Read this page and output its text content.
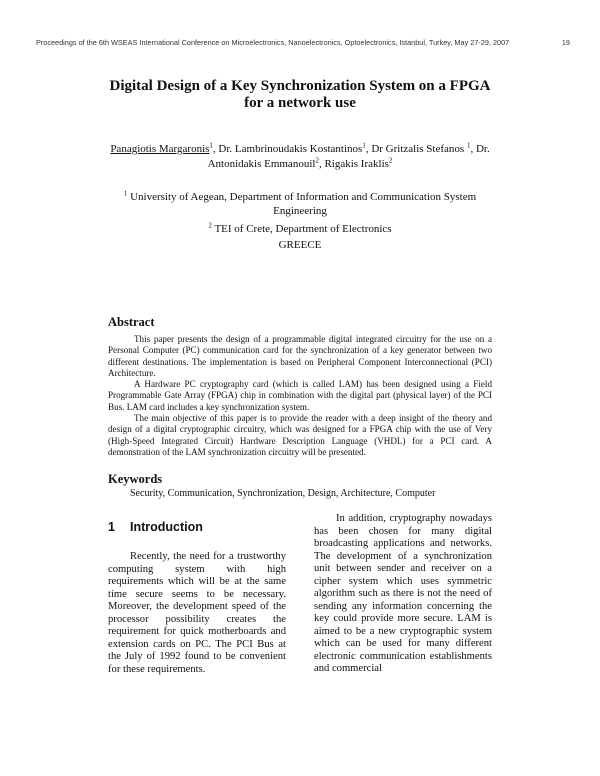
Proceedings of the 6th WSEAS International Conference on Microelectronics, Nanoelectronics, Optoelectronics, Istanbul, Turkey, May 27-29, 2007	19
Digital Design of a Key Synchronization System on a FPGA
for a network use
Panagiotis Margaronis$^1$, Dr. Lambrinoudakis Kostantinos$^1$, Dr Gritzalis Stefanos $^1$, Dr.
Antonidakis Emmanouil$^2$, Rigakis Iraklis$^2$
$^1$ University of Aegean, Department of Information and Communication System
Engineering
$^2$ TEI of Crete, Department of Electronics
GREECE
Abstract

This paper presents the design of a programmable digital integrated circuitry for the use on a Personal Computer (PC) communication card for the synchronization of a key generator between two different destinations. The implementation is based on Peripheral Component Interconnectional (PCI) Architecture.

A Hardware PC cryptography card (which is called LAM) has been designed using a Field Programmable Gate Array (FPGA) chip in combination with the digital part (physical layer) of the PCI Bus. LAM card includes a key synchronization system.

The main objective of this paper is to provide the reader with a deep insight of the theory and design of a digital cryptographic circuitry, which was designed for a FPGA chip with the use of Very (High-Speed Integrated Circuit) Hardware Description Language (VHDL) for a PCI card. A demonstration of the LAM synchronization circuitry will be presented.

Keywords
Security, Communication, Synchronization, Design, Architecture, Computer
1 Introduction

Recently, the need for a trustworthy computing system with high requirements which will be at the same time secure seems to be necessary. Moreover, the development speed of the processor possibility creates the requirement for quick motherboards and extension cards on PC. The PCI Bus at the July of 1992 found to be convenient for these requirements.

In addition, cryptography nowadays has been chosen for many digital broadcasting applications and networks. The development of a synchronization unit between sender and receiver on a cipher system which uses symmetric algorithm such as there is not the need of sending any information concerning the key could provide more secure. LAM is aimed to be a new cryptographic system which can be used for many different electronic communication establishments and commercial
